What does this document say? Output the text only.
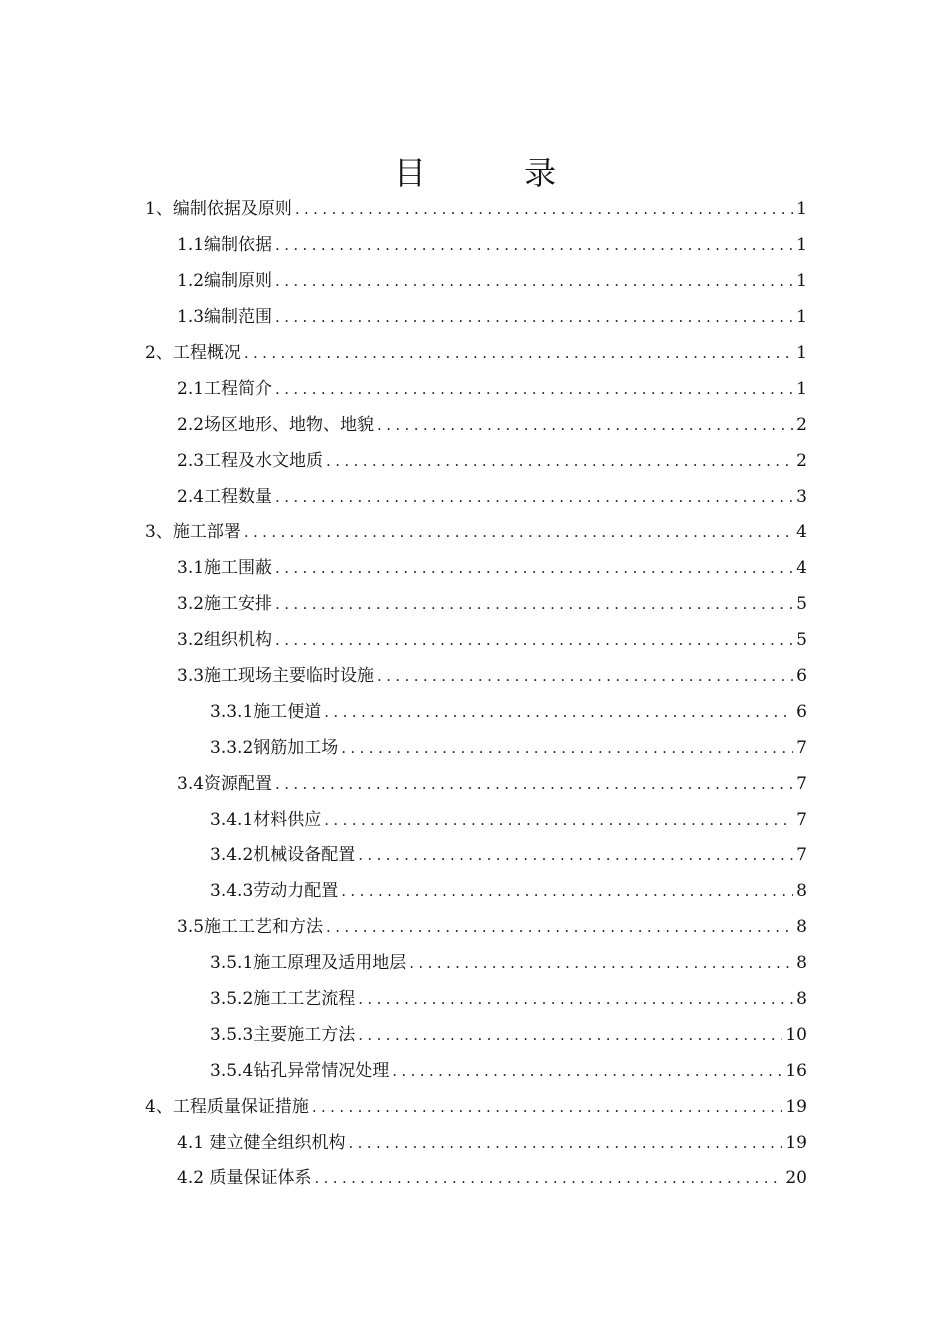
目 录
1、编制依据及原则 .....	1
1.1编制依据 .....	1
1.2编制原则 .....	1
1.3编制范围 .....	1
2、工程概况 .....	1
2.1工程简介 .....	1
2.2场区地形、地物、地貌 .....	2
2.3工程及水文地质 .....	2
2.4工程数量 .....	3
3、施工部署 .....	4
3.1施工围蔽 .....	4
3.2施工安排 .....	5
3.2组织机构 .....	5
3.3施工现场主要临时设施 .....	6
3.3.1施工便道 .....	6
3.3.2钢筋加工场 .....	7
3.4资源配置 .....	7
3.4.1材料供应 .....	7
3.4.2机械设备配置 .....	7
3.4.3劳动力配置 .....	8
3.5施工工艺和方法 .....	8
3.5.1施工原理及适用地层 .....	8
3.5.2施工工艺流程 .....	8
3.5.3主要施工方法 .....	10
3.5.4钻孔异常情况处理 .....	16
4、工程质量保证措施 .....	19
4.1 建立健全组织机构 .....	19
4.2 质量保证体系 .....	20
